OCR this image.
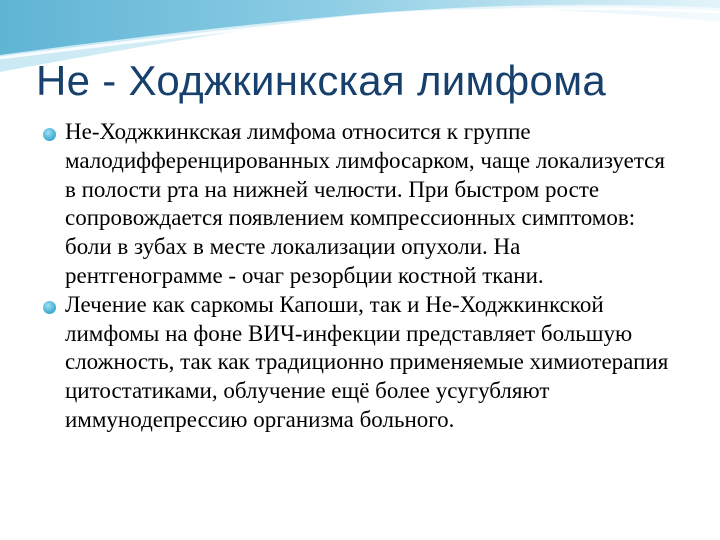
Не - Ходжкинкская лимфома
Не-Ходжкинкская лимфома относится к группе малодифференцированных лимфосарком, чаще локализуется в полости рта на нижней челюсти. При быстром росте сопровождается появлением компрессионных симптомов: боли в зубах в месте локализации опухоли. На рентгенограмме - очаг резорбции костной ткани.
Лечение как саркомы Капоши, так и Не-Ходжкинкской лимфомы на фоне ВИЧ-инфекции представляет большую сложность, так как традиционно применяемые химиотерапия цитостатиками, облучение ещё более усугубляют иммунодепрессию организма больного.
